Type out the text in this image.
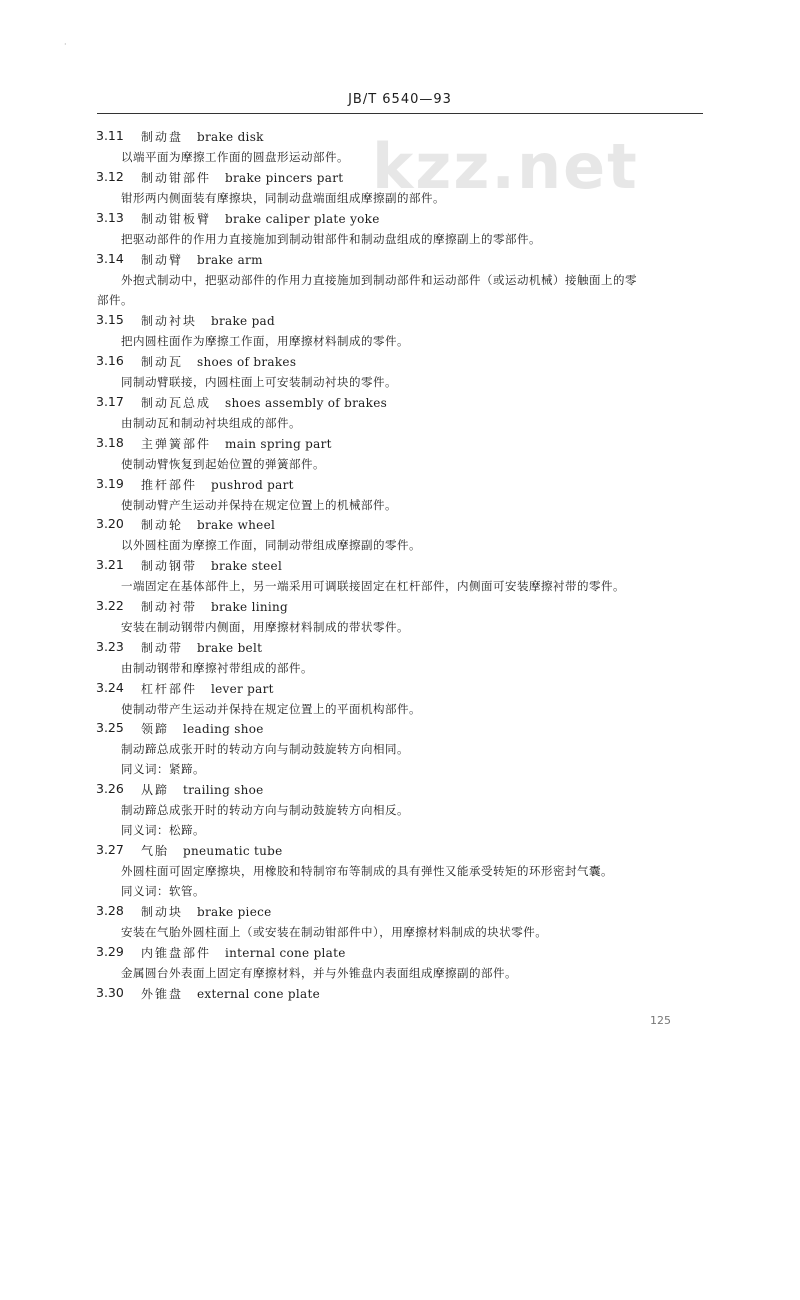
·
JB/T 6540—93
kzz.net
3.11 制动盘 brake disk
以端平面为摩擦工作面的圆盘形运动部件。
3.12 制动钳部件 brake pincers part
钳形两内侧面装有摩擦块，同制动盘端面组成摩擦副的部件。
3.13 制动钳板臂 brake caliper plate yoke
把驱动部件的作用力直接施加到制动钳部件和制动盘组成的摩擦副上的零部件。
3.14 制动臂 brake arm
外抱式制动中，把驱动部件的作用力直接施加到制动部件和运动部件（或运动机械）接触面上的零
部件。
3.15 制动衬块 brake pad
把内圆柱面作为摩擦工作面，用摩擦材料制成的零件。
3.16 制动瓦 shoes of brakes
同制动臂联接，内圆柱面上可安装制动衬块的零件。
3.17 制动瓦总成 shoes assembly of brakes
由制动瓦和制动衬块组成的部件。
3.18 主弹簧部件 main spring part
使制动臂恢复到起始位置的弹簧部件。
3.19 推杆部件 pushrod part
使制动臂产生运动并保持在规定位置上的机械部件。
3.20 制动轮 brake wheel
以外圆柱面为摩擦工作面，同制动带组成摩擦副的零件。
3.21 制动钢带 brake steel
一端固定在基体部件上，另一端采用可调联接固定在杠杆部件，内侧面可安装摩擦衬带的零件。
3.22 制动衬带 brake lining
安装在制动钢带内侧面，用摩擦材料制成的带状零件。
3.23 制动带 brake belt
由制动钢带和摩擦衬带组成的部件。
3.24 杠杆部件 lever part
使制动带产生运动并保持在规定位置上的平面机构部件。
3.25 领蹄 leading shoe
制动蹄总成张开时的转动方向与制动鼓旋转方向相同。
同义词：紧蹄。
3.26 从蹄 trailing shoe
制动蹄总成张开时的转动方向与制动鼓旋转方向相反。
同义词：松蹄。
3.27 气胎 pneumatic tube
外圆柱面可固定摩擦块，用橡胶和特制帘布等制成的具有弹性又能承受转矩的环形密封气囊。
同义词：软管。
3.28 制动块 brake piece
安装在气胎外圆柱面上（或安装在制动钳部件中），用摩擦材料制成的块状零件。
3.29 内锥盘部件 internal cone plate
金属圆台外表面上固定有摩擦材料，并与外锥盘内表面组成摩擦副的部件。
3.30 外锥盘 external cone plate
125
